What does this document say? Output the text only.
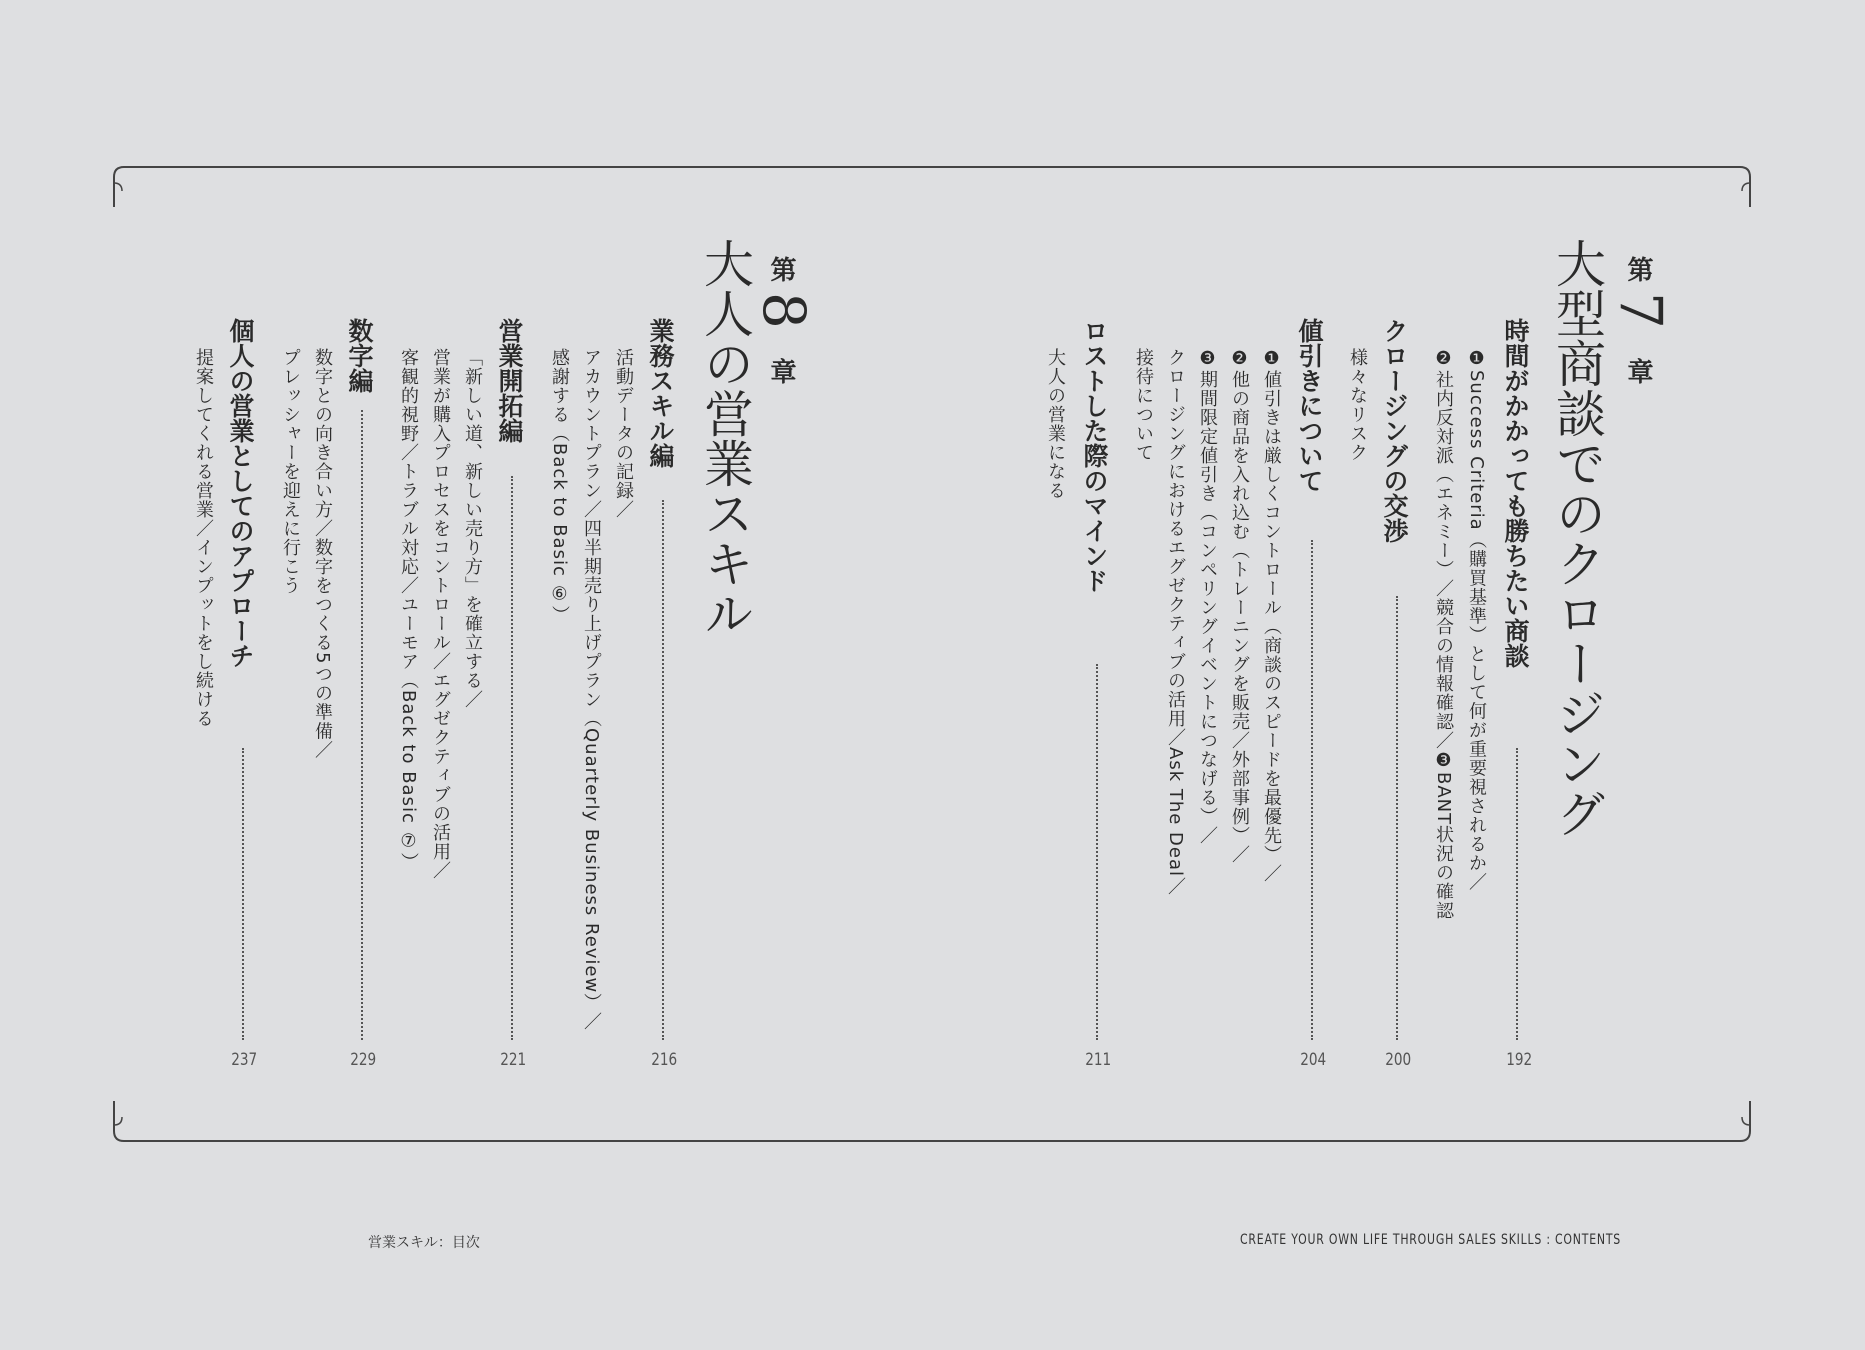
第
7
章
大型商談でのクロージング
時間がかかっても勝ちたい商談
192
❶Success Criteria（購買基準）として何が重要視されるか／
❷社内反対派（エネミー）／競合の情報確認／❸BANT状況の確認
クロージングの交渉
200
様々なリスク
値引きについて
204
❶値引きは厳しくコントロール（商談のスピードを最優先）／
❷他の商品を入れ込む（トレーニングを販売／外部事例）／
❸期間限定値引き（コンペリングイベントにつなげる）／
クロージングにおけるエグゼクティブの活用／Ask The Deal／
接待について
ロストした際のマインド
211
大人の営業になる
第
8
章
大人の営業スキル
業務スキル編
216
活動データの記録／
アカウントプラン／四半期売り上げプラン（Quarterly Business Review）／
感謝する（Back to Basic ⑥）
営業開拓編
221
「新しい道、新しい売り方」を確立する／
営業が購入プロセスをコントロール／エグゼクティブの活用／
客観的視野／トラブル対応／ユーモア（Back to Basic ⑦）
数字編
229
数字との向き合い方／数字をつくる5つの準備／
プレッシャーを迎えに行こう
個人の営業としてのアプローチ
237
提案してくれる営業／インプットをし続ける
営業スキル：目次	CREATE YOUR OWN LIFE THROUGH SALES SKILLS : CONTENTS
